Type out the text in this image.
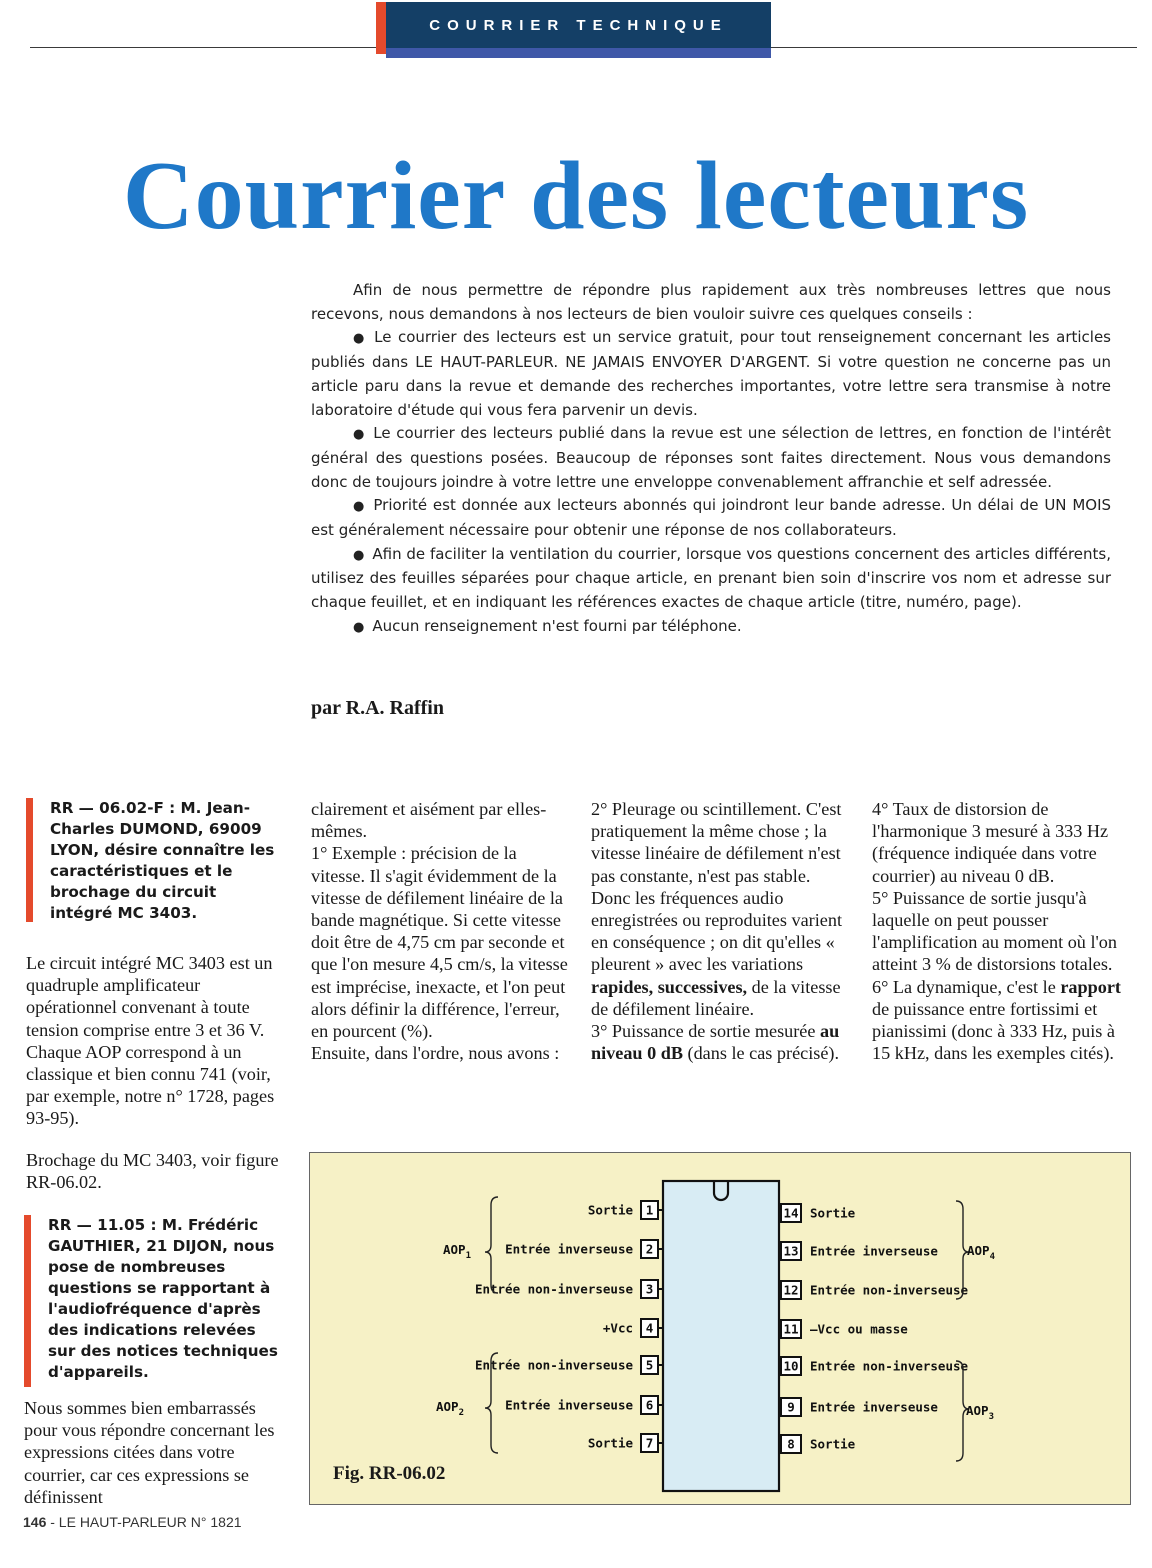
COURRIER TECHNIQUE
Courrier des lecteurs

Afin de nous permettre de répondre plus rapidement aux très nombreuses lettres que nous recevons, nous demandons à nos lecteurs de bien vouloir suivre ces quelques conseils :

● Le courrier des lecteurs est un service gratuit, pour tout renseignement concernant les articles publiés dans LE HAUT-PARLEUR. NE JAMAIS ENVOYER D'ARGENT. Si votre question ne concerne pas un article paru dans la revue et demande des recherches importantes, votre lettre sera transmise à notre laboratoire d'étude qui vous fera parvenir un devis.

● Le courrier des lecteurs publié dans la revue est une sélection de lettres, en fonction de l'intérêt général des questions posées. Beaucoup de réponses sont faites directement. Nous vous demandons donc de toujours joindre à votre lettre une enveloppe convenablement affranchie et self adressée.

● Priorité est donnée aux lecteurs abonnés qui joindront leur bande adresse. Un délai de UN MOIS est généralement nécessaire pour obtenir une réponse de nos collaborateurs.

● Afin de faciliter la ventilation du courrier, lorsque vos questions concernent des articles différents, utilisez des feuilles séparées pour chaque article, en prenant bien soin d'inscrire vos nom et adresse sur chaque feuillet, et en indiquant les références exactes de chaque article (titre, numéro, page).

● Aucun renseignement n'est fourni par téléphone.

par R.A. Raffin
RR — 06.02-F : M. Jean-Charles DUMOND, 69009 LYON, désire connaître les caractéristiques et le brochage du circuit intégré MC 3403.

Le circuit intégré MC 3403 est un quadruple amplificateur opérationnel convenant à toute tension comprise entre 3 et 36 V. Chaque AOP correspond à un classique et bien connu 741 (voir, par exemple, notre n° 1728, pages 93-95).

Brochage du MC 3403, voir figure RR-06.02.

RR — 11.05 : M. Frédéric GAUTHIER, 21 DIJON, nous pose de nombreuses questions se rapportant à l'audiofréquence d'après des indications relevées sur des notices techniques d'appareils.

Nous sommes bien embarrassés pour vous répondre concernant les expressions citées dans votre courrier, car ces expressions se définissent

clairement et aisément par elles-mêmes.

1° Exemple : précision de la vitesse. Il s'agit évidemment de la vitesse de défilement linéaire de la bande magnétique. Si cette vitesse doit être de 4,75 cm par seconde et que l'on mesure 4,5 cm/s, la vitesse est imprécise, inexacte, et l'on peut alors définir la différence, l'erreur, en pourcent (%).

Ensuite, dans l'ordre, nous avons :

2° Pleurage ou scintillement. C'est pratiquement la même chose ; la vitesse linéaire de défilement n'est pas constante, n'est pas stable. Donc les fréquences audio enregistrées ou reproduites varient en conséquence ; on dit qu'elles « pleurent » avec les variations rapides, successives, de la vitesse de défilement linéaire.

3° Puissance de sortie mesurée au niveau 0 dB (dans le cas précisé).

4° Taux de distorsion de l'harmonique 3 mesuré à 333 Hz (fréquence indiquée dans votre courrier) au niveau 0 dB.

5° Puissance de sortie jusqu'à laquelle on peut pousser l'amplification au moment où l'on atteint 3 % de distorsions totales.

6° La dynamique, c'est le rapport de puissance entre fortissimi et pianissimi (donc à 333 Hz, puis à 15 kHz, dans les exemples cités).

1
Sortie
2
Entrée inverseuse
3
Entrée non-inverseuse
4
+Vcc
5
Entrée non-inverseuse
6
Entrée inverseuse
7
Sortie
14 Sortie
13 Entrée inverseuse
12 Entrée non-inverseuse
11 –Vcc ou masse
10 Entrée non-inverseuse
9 Entrée inverseuse
8 Sortie
$AOP_1$
$AOP_2$
$AOP_4$
$AOP_3$
Fig. RR-06.02
146 - LE HAUT-PARLEUR N° 1821
